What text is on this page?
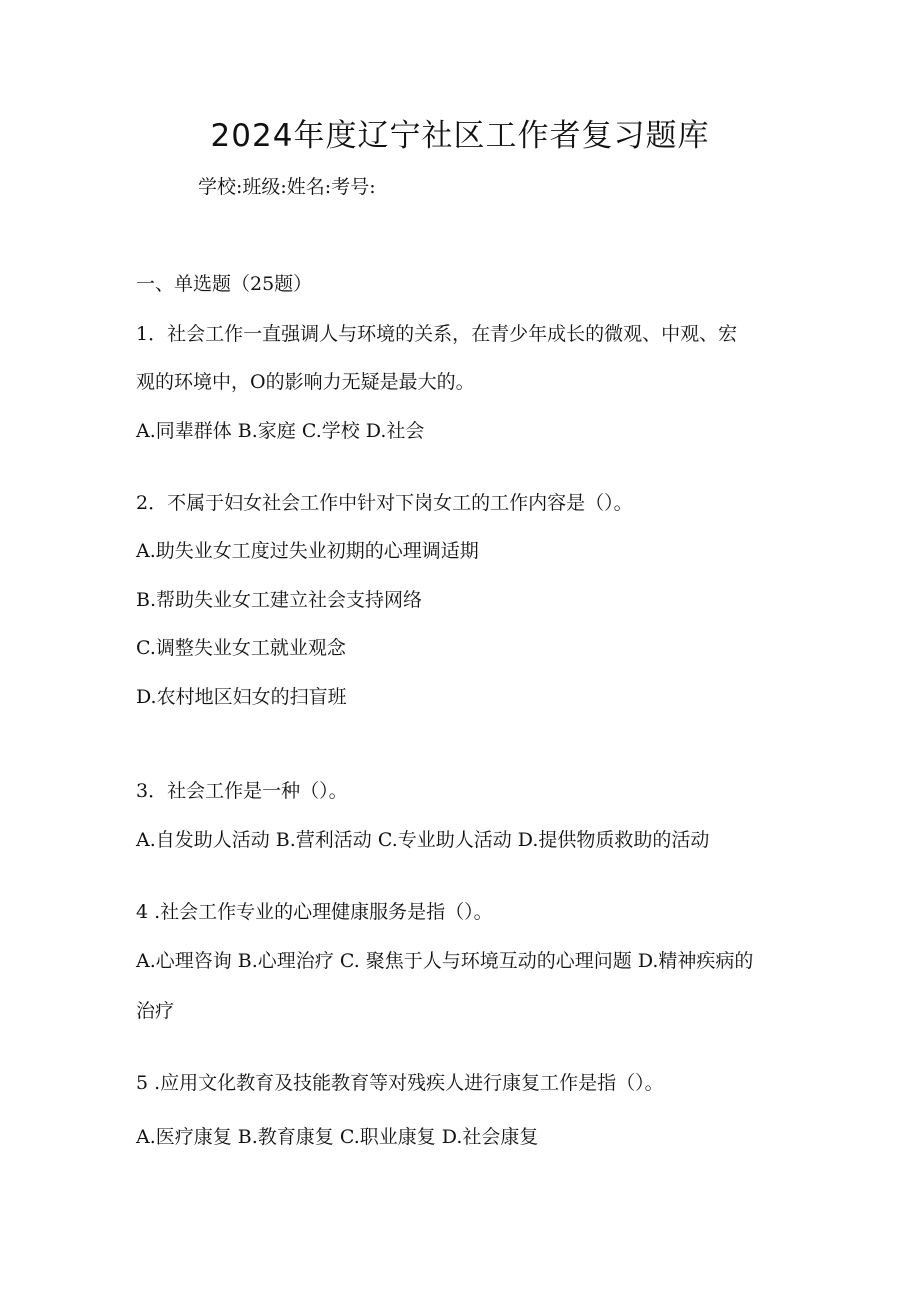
2024年度辽宁社区工作者复习题库
学校:班级:姓名:考号:
一、单选题（25题）
1．社会工作一直强调人与环境的关系，在青少年成长的微观、中观、宏
观的环境中，O的影响力无疑是最大的。
A.同辈群体 B.家庭 C.学校 D.社会
2．不属于妇女社会工作中针对下岗女工的工作内容是（）。
A.助失业女工度过失业初期的心理调适期
B.帮助失业女工建立社会支持网络
C.调整失业女工就业观念
D.农村地区妇女的扫盲班
3．社会工作是一种（）。
A.自发助人活动 B.营利活动 C.专业助人活动 D.提供物质救助的活动
4 .社会工作专业的心理健康服务是指（）。
A.心理咨询 B.心理治疗 C. 聚焦于人与环境互动的心理问题 D.精神疾病的
治疗
5 .应用文化教育及技能教育等对残疾人进行康复工作是指（）。
A.医疗康复 B.教育康复 C.职业康复 D.社会康复
